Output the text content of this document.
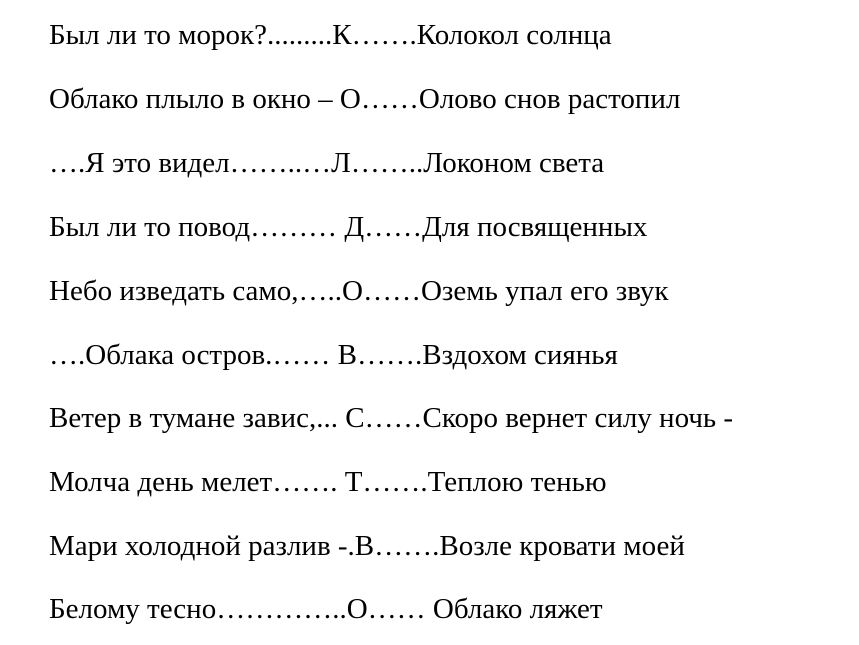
Был ли то морок?.........К…….Колокол солнца
Облако плыло в окно – О……Олово снов растопил
….Я это видел……..…Л……..Локоном света
Был ли то повод……… Д……Для посвященных
Небо изведать само,…..О……Оземь упал его звук
….Облака остров.…… В…….Вздохом сиянья
Ветер в тумане завис,... С……Скоро вернет силу ночь -
Молча день мелет……. Т…….Теплою тенью
Мари холодной разлив -.В…….Возле кровати моей
Белому тесно…………..О…… Облако ляжет
